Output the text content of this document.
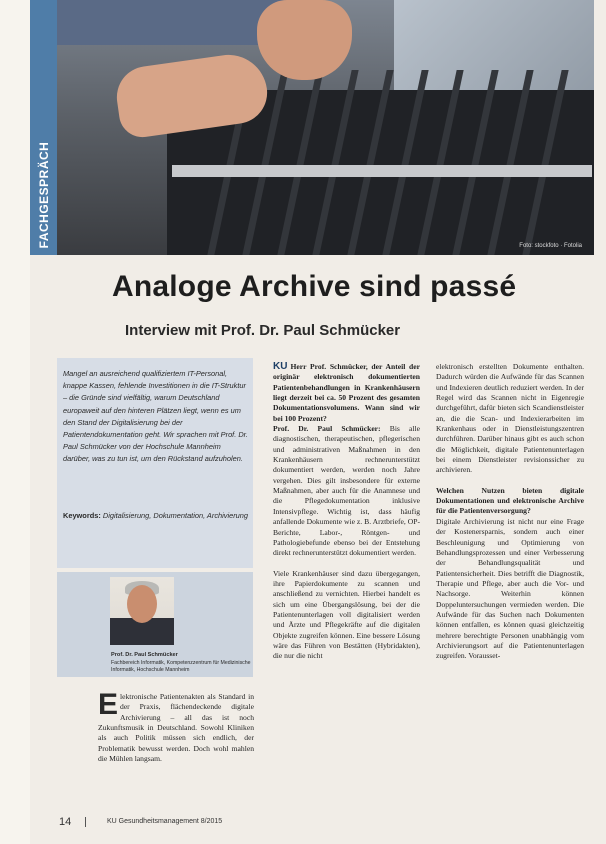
FACHGESPRÄCH	Foto: stockfoto · Fotolia
Analoge Archive sind passé
Interview mit Prof. Dr. Paul Schmücker

Mangel an ausreichend qualifiziertem IT-Personal, knappe Kassen, fehlende Investitionen in die IT-Struktur – die Gründe sind vielfältig, warum Deutschland europaweit auf den hinteren Plätzen liegt, wenn es um den Stand der Digitalisierung bei der Patientendokumentation geht. Wir sprachen mit Prof. Dr. Paul Schmücker von der Hochschule Mannheim darüber, was zu tun ist, um den Rückstand aufzuholen.

Keywords: Digitalisierung, Dokumentation, Archivierung

Prof. Dr. Paul Schmücker

Fachbereich Informatik, Kompetenzzentrum für Medizinische Informatik, Hochschule Mannheim

Elektronische Patientenakten als Standard in der Praxis, flächendeckende digitale Archivierung – all das ist noch Zukunftsmusik in Deutschland. Sowohl Kliniken als auch Politik müssen sich endlich, der Problematik bewusst werden. Doch wohl mahlen die Mühlen langsam.

KU Herr Prof. Schmücker, der Anteil der originär elektronisch dokumentierten Patientenbehandlungen in Krankenhäusern liegt derzeit bei ca. 50 Prozent des gesamten Dokumentationsvolumens. Wann sind wir bei 100 Prozent?

Prof. Dr. Paul Schmücker: Bis alle diagnostischen, therapeutischen, pflegerischen und administrativen Maßnahmen in den Krankenhäusern rechnerunterstützt dokumentiert werden, werden noch Jahre vergehen. Dies gilt insbesondere für externe Maßnahmen, aber auch für die Anamnese und die Pflegedokumentation inklusive Intensivpflege. Wichtig ist, dass häufig anfallende Dokumente wie z. B. Arztbriefe, OP-Berichte, Labor-, Röntgen- und Pathologiebefunde ebenso bei der Entstehung direkt rechnerunterstützt dokumentiert werden.

Viele Krankenhäuser sind dazu übergegangen, ihre Papierdokumente zu scannen und anschließend zu vernichten. Hierbei handelt es sich um eine Übergangslösung, bei der die Patientenunterlagen voll digitalisiert werden und Ärzte und Pflegekräfte auf die digitalen Objekte zugreifen können. Eine bessere Lösung wäre das Führen von Bestätten (Hybridakten), die nur die nicht

elektronisch erstellten Dokumente enthalten. Dadurch würden die Aufwände für das Scannen und Indexieren deutlich reduziert werden. In der Regel wird das Scannen nicht in Eigenregie durchgeführt, dafür bieten sich Scandienstleister an, die die Scan- und Indexierarbeiten im Krankenhaus oder in Dienstleistungszentren durchführen. Darüber hinaus gibt es auch schon die Möglichkeit, digitale Patientenunterlagen bei einem Dienstleister revisionssicher zu archivieren.

Welchen Nutzen bieten digitale Dokumentationen und elektronische Archive für die Patientenversorgung?

Digitale Archivierung ist nicht nur eine Frage der Kostenersparnis, sondern auch einer Beschleunigung und Optimierung von Behandlungsprozessen und einer Verbesserung der Behandlungsqualität und Patientensicherheit. Dies betrifft die Diagnostik, Therapie und Pflege, aber auch die Vor- und Nachsorge. Weiterhin können Doppeluntersuchungen vermieden werden. Die Aufwände für das Suchen nach Dokumenten können entfallen, es können quasi gleichzeitig mehrere berechtigte Personen unabhängig vom Archivierungsort auf die Patientenunterlagen zugreifen. Vorausset-

14	KU Gesundheitsmanagement 8/2015
